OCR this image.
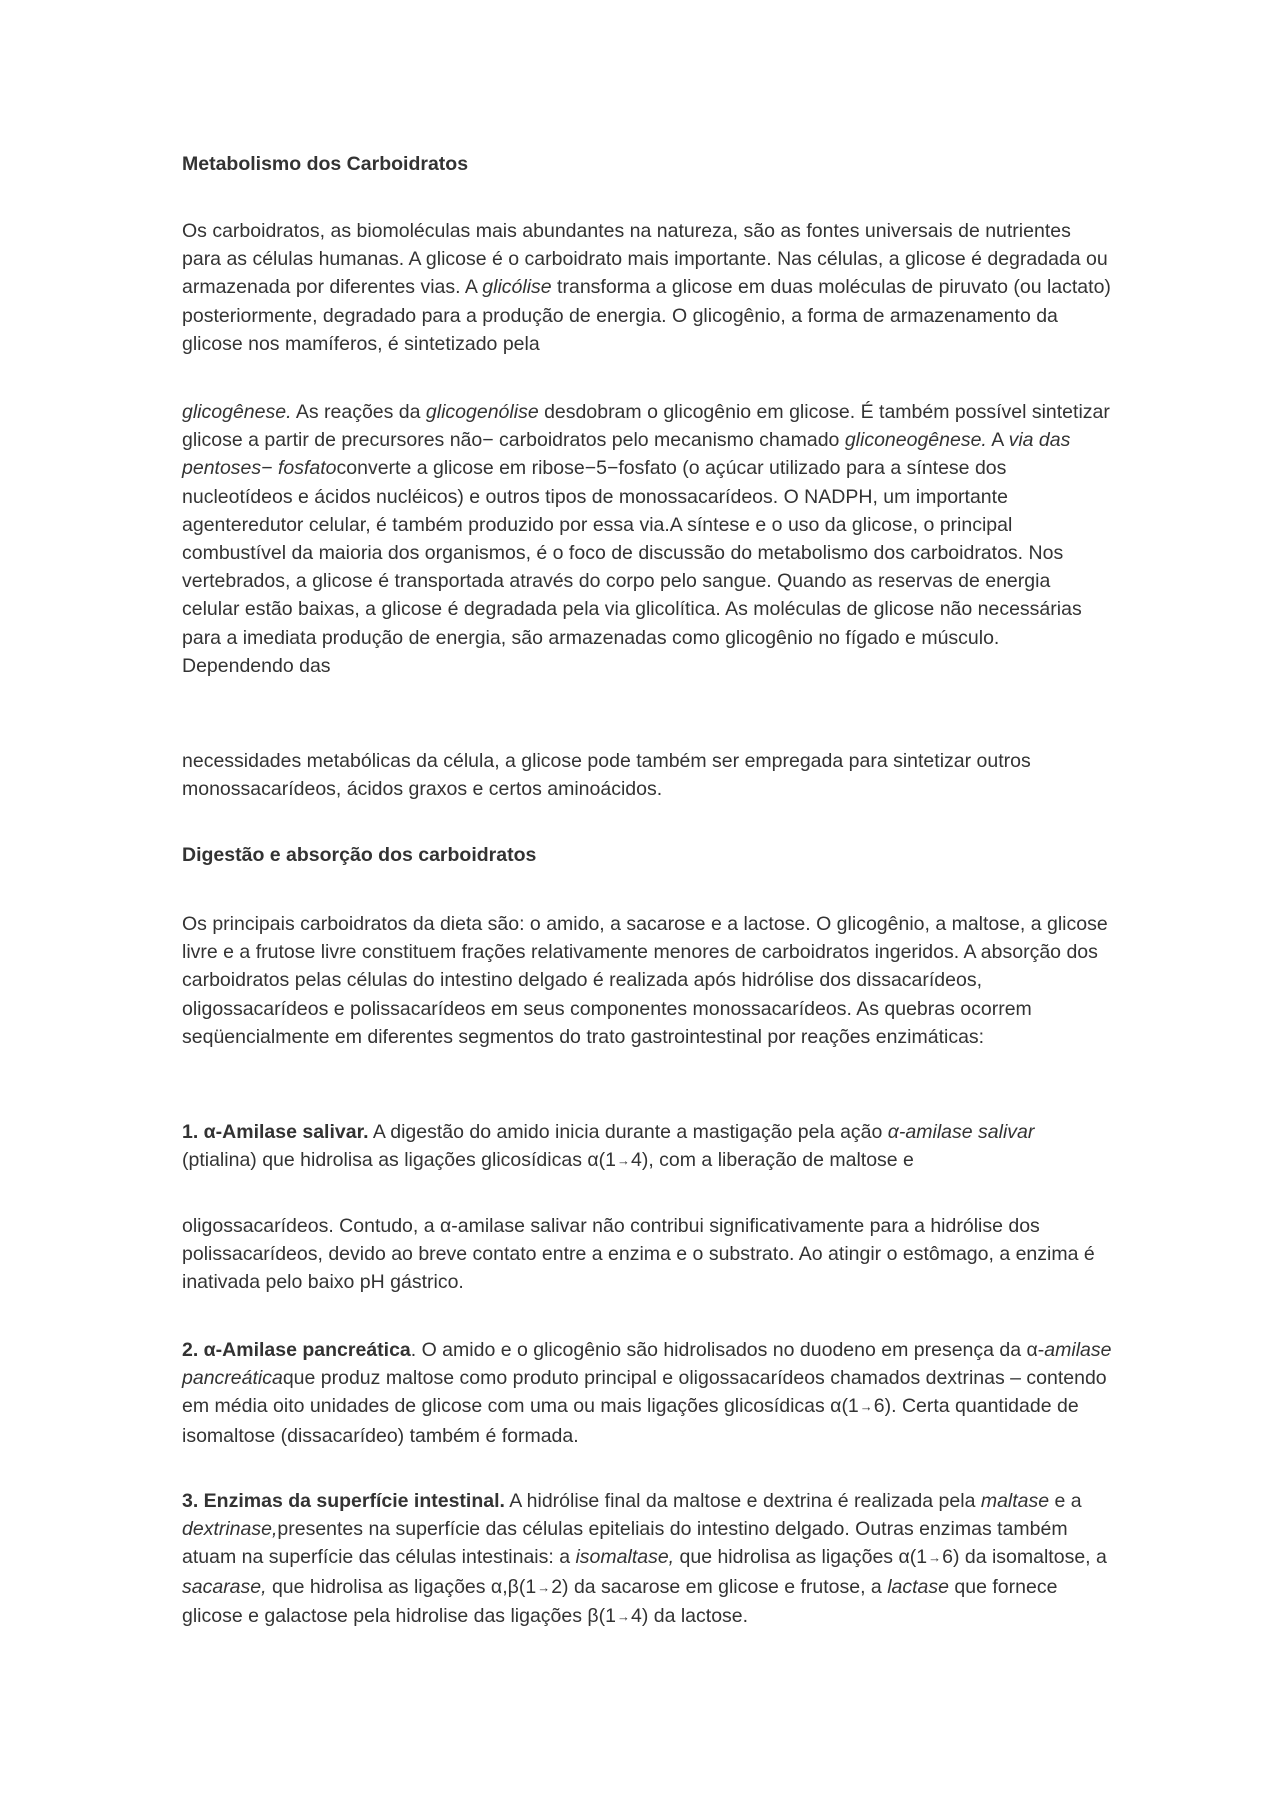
Metabolismo dos Carboidratos

Os carboidratos, as biomoléculas mais abundantes na natureza, são as fontes universais de nutrientes para as células humanas. A glicose é o carboidrato mais importante. Nas células, a glicose é degradada ou armazenada por diferentes vias. A glicólise transforma a glicose em duas moléculas de piruvato (ou lactato) posteriormente, degradado para a produção de energia. O glicogênio, a forma de armazenamento da glicose nos mamíferos, é sintetizado pela

glicogênese. As reações da glicogenólise desdobram o glicogênio em glicose. É também possível sintetizar glicose a partir de precursores não− carboidratos pelo mecanismo chamado gliconeogênese. A via das pentoses− fosfatoconverte a glicose em ribose−5−fosfato (o açúcar utilizado para a síntese dos nucleotídeos e ácidos nucléicos) e outros tipos de monossacarídeos. O NADPH, um importante agenteredutor celular, é também produzido por essa via.A síntese e o uso da glicose, o principal combustível da maioria dos organismos, é o foco de discussão do metabolismo dos carboidratos. Nos vertebrados, a glicose é transportada através do corpo pelo sangue. Quando as reservas de energia celular estão baixas, a glicose é degradada pela via glicolítica. As moléculas de glicose não necessárias para a imediata produção de energia, são armazenadas como glicogênio no fígado e músculo. Dependendo das

necessidades metabólicas da célula, a glicose pode também ser empregada para sintetizar outros monossacarídeos, ácidos graxos e certos aminoácidos.

Digestão e absorção dos carboidratos

Os principais carboidratos da dieta são: o amido, a sacarose e a lactose. O glicogênio, a maltose, a glicose livre e a frutose livre constituem frações relativamente menores de carboidratos ingeridos. A absorção dos carboidratos pelas células do intestino delgado é realizada após hidrólise dos dissacarídeos, oligossacarídeos e polissacarídeos em seus componentes monossacarídeos. As quebras ocorrem seqüencialmente em diferentes segmentos do trato gastrointestinal por reações enzimáticas:

1. α-Amilase salivar. A digestão do amido inicia durante a mastigação pela ação α-amilase salivar (ptialina) que hidrolisa as ligações glicosídicas α(1→4), com a liberação de maltose e

oligossacarídeos. Contudo, a α-amilase salivar não contribui significativamente para a hidrólise dos polissacarídeos, devido ao breve contato entre a enzima e o substrato. Ao atingir o estômago, a enzima é inativada pelo baixo pH gástrico.

2. α-Amilase pancreática. O amido e o glicogênio são hidrolisados no duodeno em presença da α-amilase pancreáticaque produz maltose como produto principal e oligossacarídeos chamados dextrinas – contendo em média oito unidades de glicose com uma ou mais ligações glicosídicas α(1→6). Certa quantidade de isomaltose (dissacarídeo) também é formada.

3. Enzimas da superfície intestinal. A hidrólise final da maltose e dextrina é realizada pela maltase e a dextrinase,presentes na superfície das células epiteliais do intestino delgado. Outras enzimas também atuam na superfície das células intestinais: a isomaltase, que hidrolisa as ligações α(1→6) da isomaltose, a sacarase, que hidrolisa as ligações α,β(1→2) da sacarose em glicose e frutose, a lactase que fornece glicose e galactose pela hidrolise das ligações β(1→4) da lactose.
